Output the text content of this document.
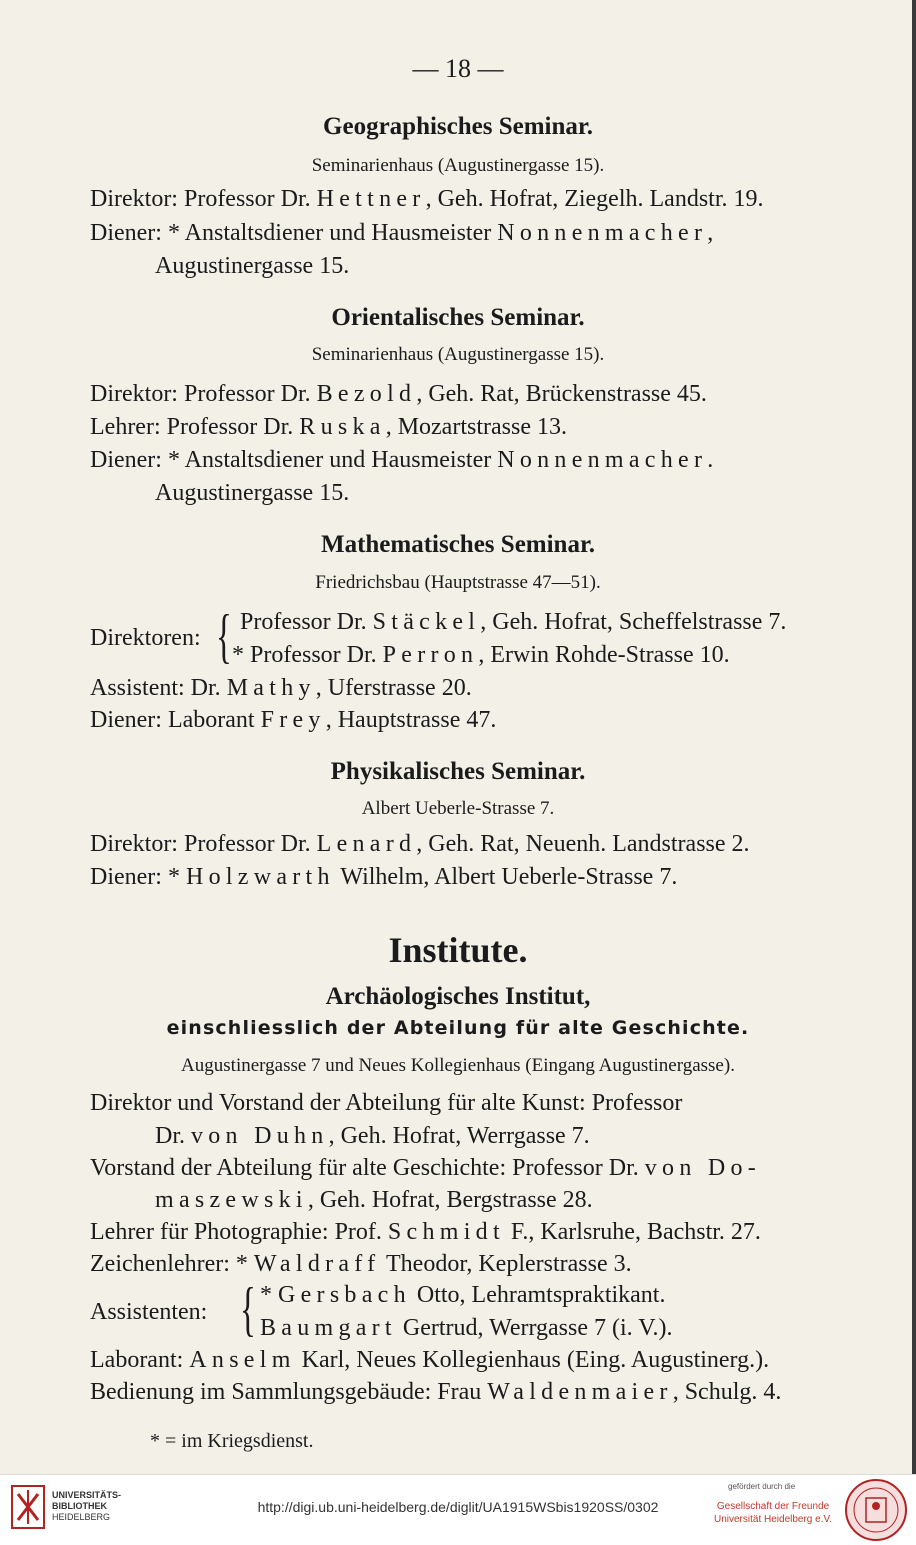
— 18 —
Geographisches Seminar.
Seminarienhaus (Augustinergasse 15).
Direktor: Professor Dr. Hettner, Geh. Hofrat, Ziegelh. Landstr. 19.
Diener: * Anstaltsdiener und Hausmeister Nonnenmacher,
Augustinergasse 15.
Orientalisches Seminar.
Seminarienhaus (Augustinergasse 15).
Direktor: Professor Dr. Bezold, Geh. Rat, Brückenstrasse 45.
Lehrer: Professor Dr. Ruska, Mozartstrasse 13.
Diener: * Anstaltsdiener und Hausmeister Nonnenmacher.
Augustinergasse 15.
Mathematisches Seminar.
Friedrichsbau (Hauptstrasse 47—51).
Direktoren: { Professor Dr. Stäckel, Geh. Hofrat, Scheffelstrasse 7.
* Professor Dr. Perron, Erwin Rohde-Strasse 10.
Assistent: Dr. Mathy, Uferstrasse 20.
Diener: Laborant Frey, Hauptstrasse 47.
Physikalisches Seminar.
Albert Ueberle-Strasse 7.
Direktor: Professor Dr. Lenard, Geh. Rat, Neuenh. Landstrasse 2.
Diener: * Holzwarth Wilhelm, Albert Ueberle-Strasse 7.
Institute.
Archäologisches Institut,
einschliesslich der Abteilung für alte Geschichte.
Augustinergasse 7 und Neues Kollegienhaus (Eingang Augustinergasse).
Direktor und Vorstand der Abteilung für alte Kunst: Professor
Dr. von Duhn, Geh. Hofrat, Werrgasse 7.
Vorstand der Abteilung für alte Geschichte: Professor Dr. von Do-
maszewski, Geh. Hofrat, Bergstrasse 28.
Lehrer für Photographie: Prof. Schmidt F., Karlsruhe, Bachstr. 27.
Zeichenlehrer: * Waldraff Theodor, Keplerstrasse 3.
Assistenten: { * Gersbach Otto, Lehramtspraktikant.
Baumgart Gertrud, Werrgasse 7 (i. V.).
Laborant: Anselm Karl, Neues Kollegienhaus (Eing. Augustinerg.).
Bedienung im Sammlungsgebäude: Frau Waldenmaier, Schulg. 4.
* = im Kriegsdienst.
UNIVERSITÄTS-
BIBLIOTHEK
HEIDELBERG
http://digi.ub.uni-heidelberg.de/diglit/UA1915WSbis1920SS/0302
gefördert durch die
Gesellschaft der Freunde
Universität Heidelberg e.V.
